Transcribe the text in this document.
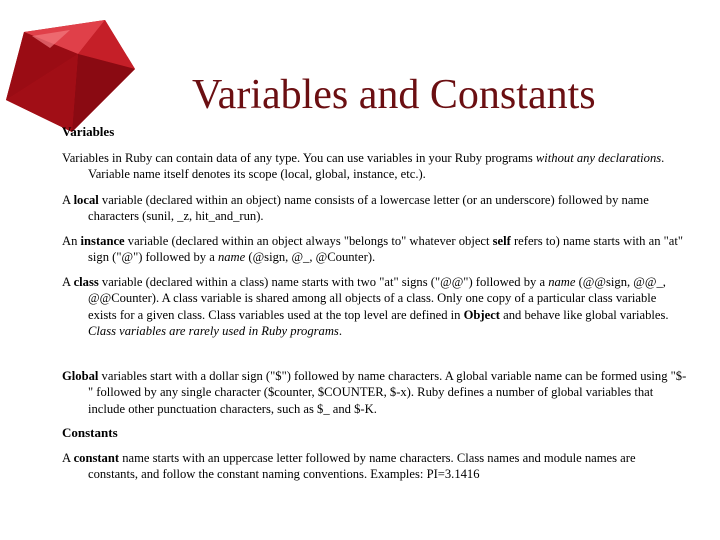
Variables and Constants
Variables

Variables in Ruby can contain data of any type. You can use variables in your Ruby programs without any declarations. Variable name itself denotes its scope (local, global, instance, etc.).

A local variable (declared within an object) name consists of a lowercase letter (or an underscore) followed by name characters (sunil, _z, hit_and_run).

An instance variable (declared within an object always "belongs to" whatever object self refers to) name starts with an "at" sign ("@") followed by a name (@sign, @_, @Counter).

A class variable (declared within a class) name starts with two "at" signs ("@@") followed by a name (@@sign, @@_, @@Counter). A class variable is shared among all objects of a class. Only one copy of a particular class variable exists for a given class. Class variables used at the top level are defined in Object and behave like global variables. Class variables are rarely used in Ruby programs.

Global variables start with a dollar sign ("$") followed by name characters. A global variable name can be formed using "$-" followed by any single character ($counter, $COUNTER, $-x). Ruby defines a number of global variables that include other punctuation characters, such as $_ and $-K.

Constants

A constant name starts with an uppercase letter followed by name characters. Class names and module names are constants, and follow the constant naming conventions. Examples: PI=3.1416
